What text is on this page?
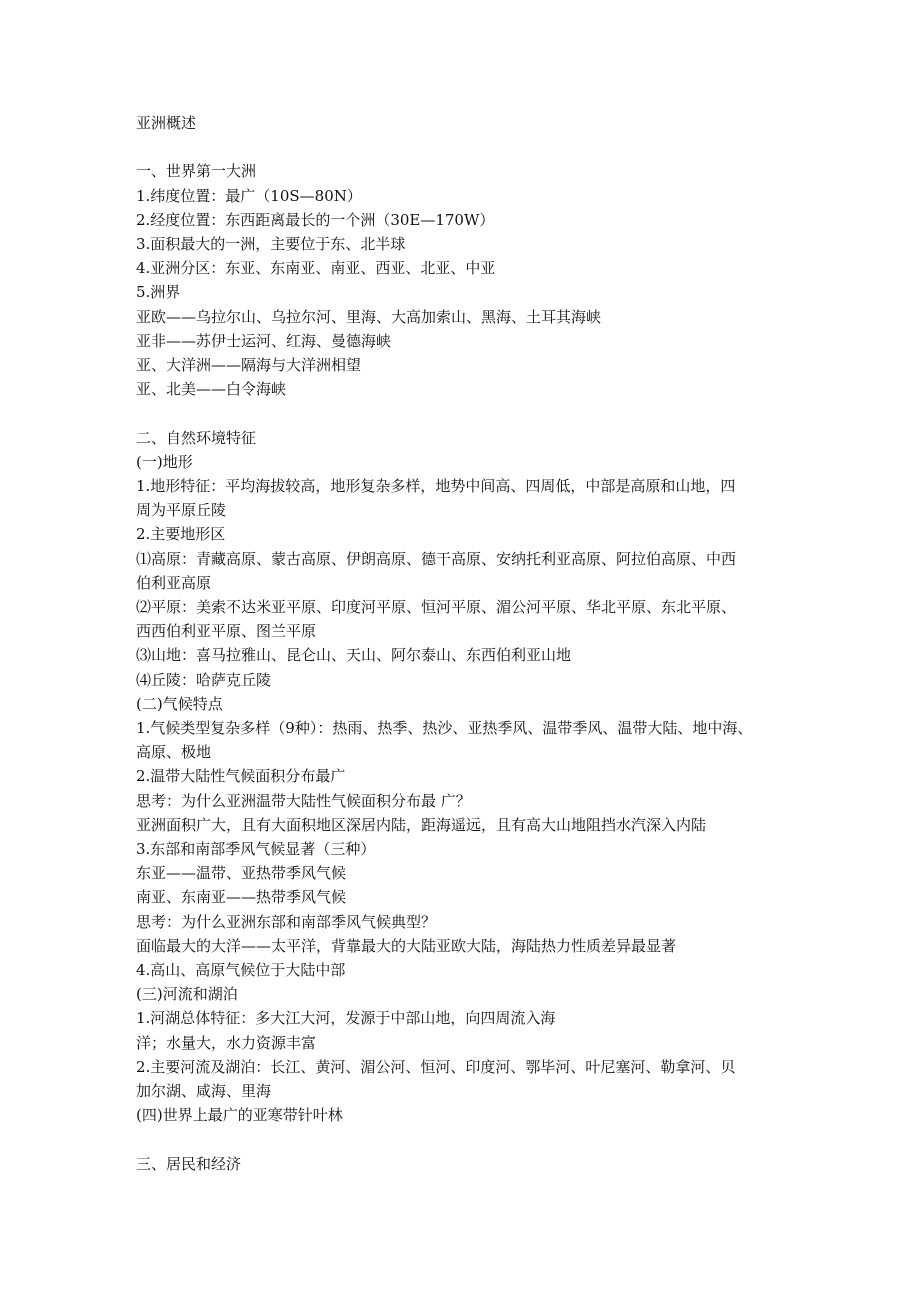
亚洲概述

一、世界第一大洲

1.纬度位置：最广（10S—80N）

2.经度位置：东西距离最长的一个洲（30E—170W）

3.面积最大的一洲，主要位于东、北半球

4.亚洲分区：东亚、东南亚、南亚、西亚、北亚、中亚

5.洲界

亚欧——乌拉尔山、乌拉尔河、里海、大高加索山、黑海、土耳其海峡

亚非——苏伊士运河、红海、曼德海峡

亚、大洋洲——隔海与大洋洲相望

亚、北美——白令海峡

二、自然环境特征

(一)地形

1.地形特征：平均海拔较高，地形复杂多样，地势中间高、四周低，中部是高原和山地，四

周为平原丘陵

2.主要地形区

⑴高原：青藏高原、蒙古高原、伊朗高原、德干高原、安纳托利亚高原、阿拉伯高原、中西

伯利亚高原

⑵平原：美索不达米亚平原、印度河平原、恒河平原、湄公河平原、华北平原、东北平原、

西西伯利亚平原、图兰平原

⑶山地：喜马拉雅山、昆仑山、天山、阿尔泰山、东西伯利亚山地

⑷丘陵：哈萨克丘陵

(二)气候特点

1.气候类型复杂多样（9种）：热雨、热季、热沙、亚热季风、温带季风、温带大陆、地中海、

高原、极地

2.温带大陆性气候面积分布最广

思考：为什么亚洲温带大陆性气候面积分布最 广？

亚洲面积广大，且有大面积地区深居内陆，距海遥远，且有高大山地阻挡水汽深入内陆

3.东部和南部季风气候显著（三种）

东亚——温带、亚热带季风气候

南亚、东南亚——热带季风气候

思考：为什么亚洲东部和南部季风气候典型？

面临最大的大洋——太平洋，背靠最大的大陆亚欧大陆，海陆热力性质差异最显著

4.高山、高原气候位于大陆中部

(三)河流和湖泊

1.河湖总体特征：多大江大河，发源于中部山地，向四周流入海

洋；水量大，水力资源丰富

2.主要河流及湖泊：长江、黄河、湄公河、恒河、印度河、鄂毕河、叶尼塞河、勒拿河、贝

加尔湖、咸海、里海

(四)世界上最广的亚寒带针叶林

三、居民和经济
